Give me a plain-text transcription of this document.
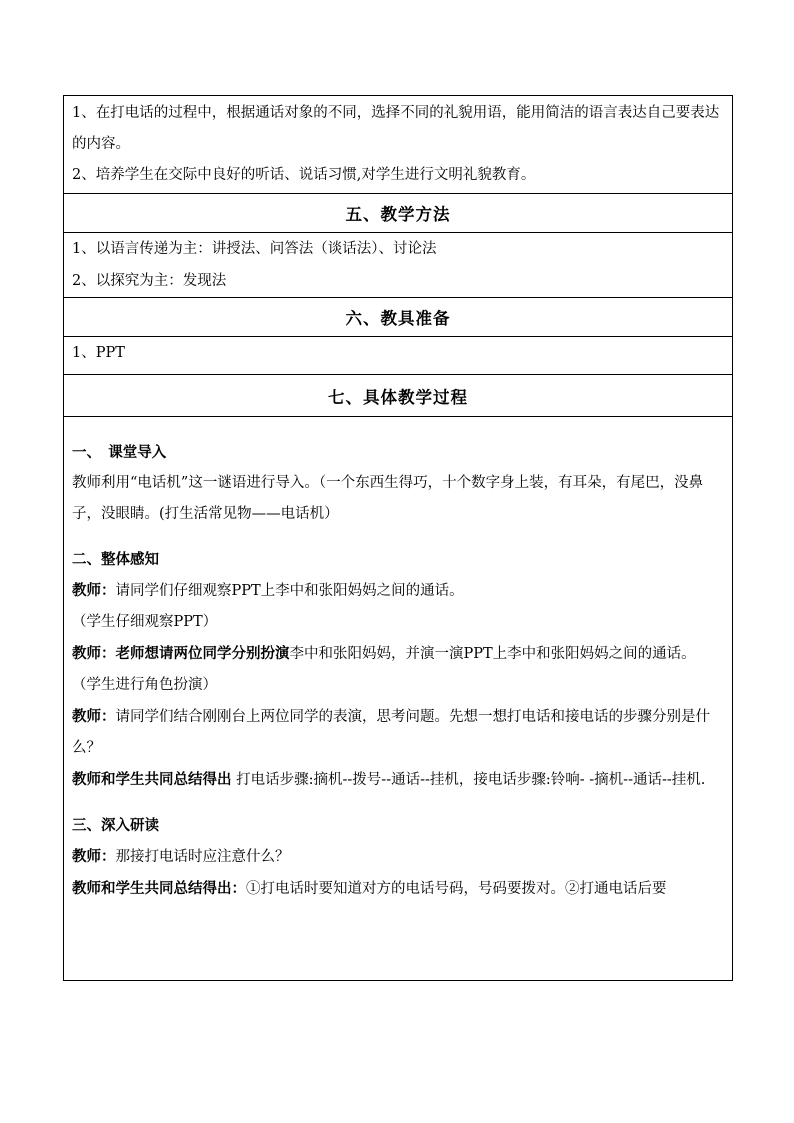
1、在打电话的过程中，根据通话对象的不同，选择不同的礼貌用语，能用简洁的语言表达自己要表达的内容。

2、培养学生在交际中良好的听话、说话习惯,对学生进行文明礼貌教育。

五、教学方法

1、以语言传递为主：讲授法、问答法（谈话法）、讨论法

2、以探究为主：发现法

六、教具准备

1、PPT

七、具体教学过程

一、　课堂导入

教师利用“电话机”这一谜语进行导入。（一个东西生得巧，十个数字身上装，有耳朵，有尾巴，没鼻子，没眼睛。(打生活常见物——电话机）

二、整体感知

教师：请同学们仔细观察PPT上李中和张阳妈妈之间的通话。

（学生仔细观察PPT）

教师：老师想请两位同学分别扮演李中和张阳妈妈，并演一演PPT上李中和张阳妈妈之间的通话。

（学生进行角色扮演）

教师：请同学们结合刚刚台上两位同学的表演，思考问题。先想一想打电话和接电话的步骤分别是什么？

教师和学生共同总结得出 打电话步骤:摘机--拨号--通话--挂机，接电话步骤:铃响- -摘机--通话--挂机.

三、深入研读

教师：那接打电话时应注意什么？

教师和学生共同总结得出：①打电话时要知道对方的电话号码，号码要拨对。②打通电话后要
